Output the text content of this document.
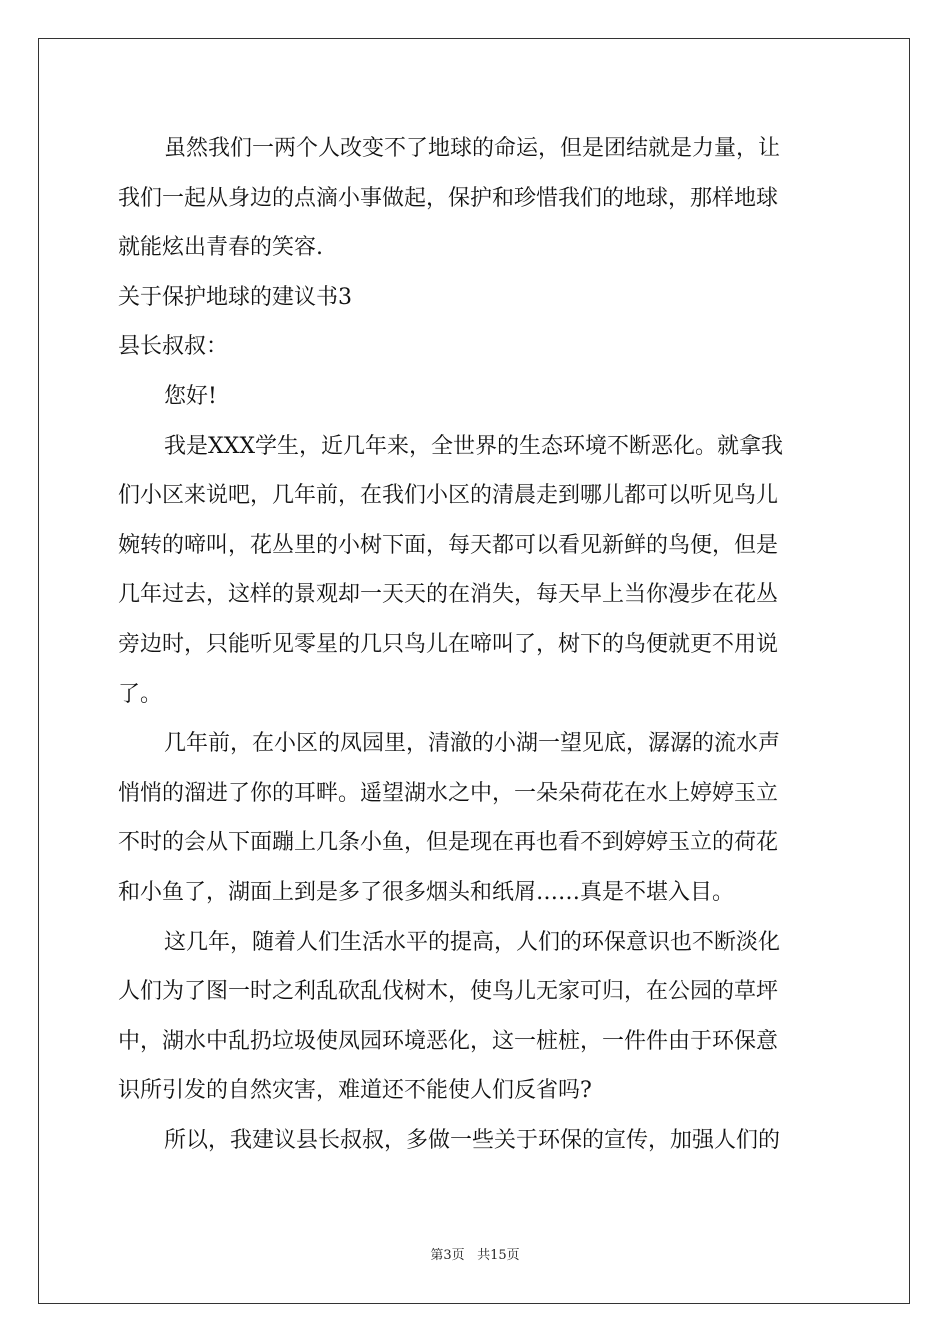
虽然我们一两个人改变不了地球的命运，但是团结就是力量，让
我们一起从身边的点滴小事做起，保护和珍惜我们的地球，那样地球
就能炫出青春的笑容.
关于保护地球的建议书3
县长叔叔：
您好!
我是XXX学生，近几年来，全世界的生态环境不断恶化。就拿我
们小区来说吧，几年前，在我们小区的清晨走到哪儿都可以听见鸟儿
婉转的啼叫，花丛里的小树下面，每天都可以看见新鲜的鸟便，但是
几年过去，这样的景观却一天天的在消失，每天早上当你漫步在花丛
旁边时，只能听见零星的几只鸟儿在啼叫了，树下的鸟便就更不用说
了。
几年前，在小区的凤园里，清澈的小湖一望见底，潺潺的流水声
悄悄的溜进了你的耳畔。遥望湖水之中，一朵朵荷花在水上婷婷玉立
不时的会从下面蹦上几条小鱼，但是现在再也看不到婷婷玉立的荷花
和小鱼了，湖面上到是多了很多烟头和纸屑……真是不堪入目。
这几年，随着人们生活水平的提高，人们的环保意识也不断淡化
人们为了图一时之利乱砍乱伐树木，使鸟儿无家可归，在公园的草坪
中，湖水中乱扔垃圾使凤园环境恶化，这一桩桩，一件件由于环保意
识所引发的自然灾害，难道还不能使人们反省吗?
所以，我建议县长叔叔，多做一些关于环保的宣传，加强人们的
第3页 共15页
